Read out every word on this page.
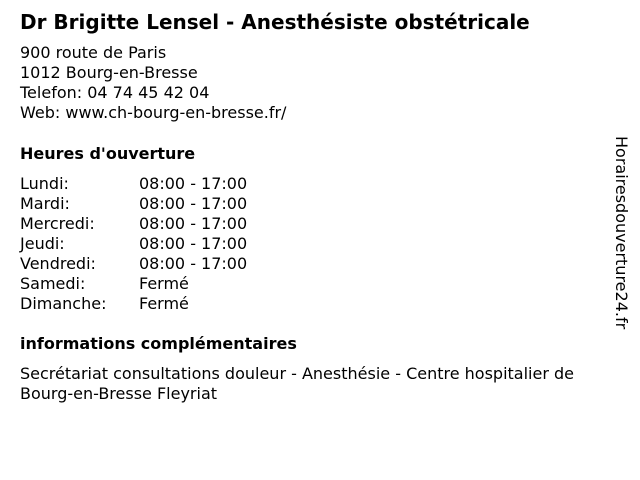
Dr Brigitte Lensel - Anesthésiste obstétricale
900 route de Paris
1012 Bourg-en-Bresse
Telefon: 04 74 45 42 04
Web: www.ch-bourg-en-bresse.fr/
Heures d'ouverture
Lundi:	08:00 - 17:00
Mardi:	08:00 - 17:00
Mercredi:	08:00 - 17:00
Jeudi:	08:00 - 17:00
Vendredi:	08:00 - 17:00
Samedi:	Fermé
Dimanche: Fermé
informations complémentaires
Secrétariat consultations douleur - Anesthésie - Centre hospitalier de
Bourg-en-Bresse Fleyriat
Horairesdouverture24.fr
